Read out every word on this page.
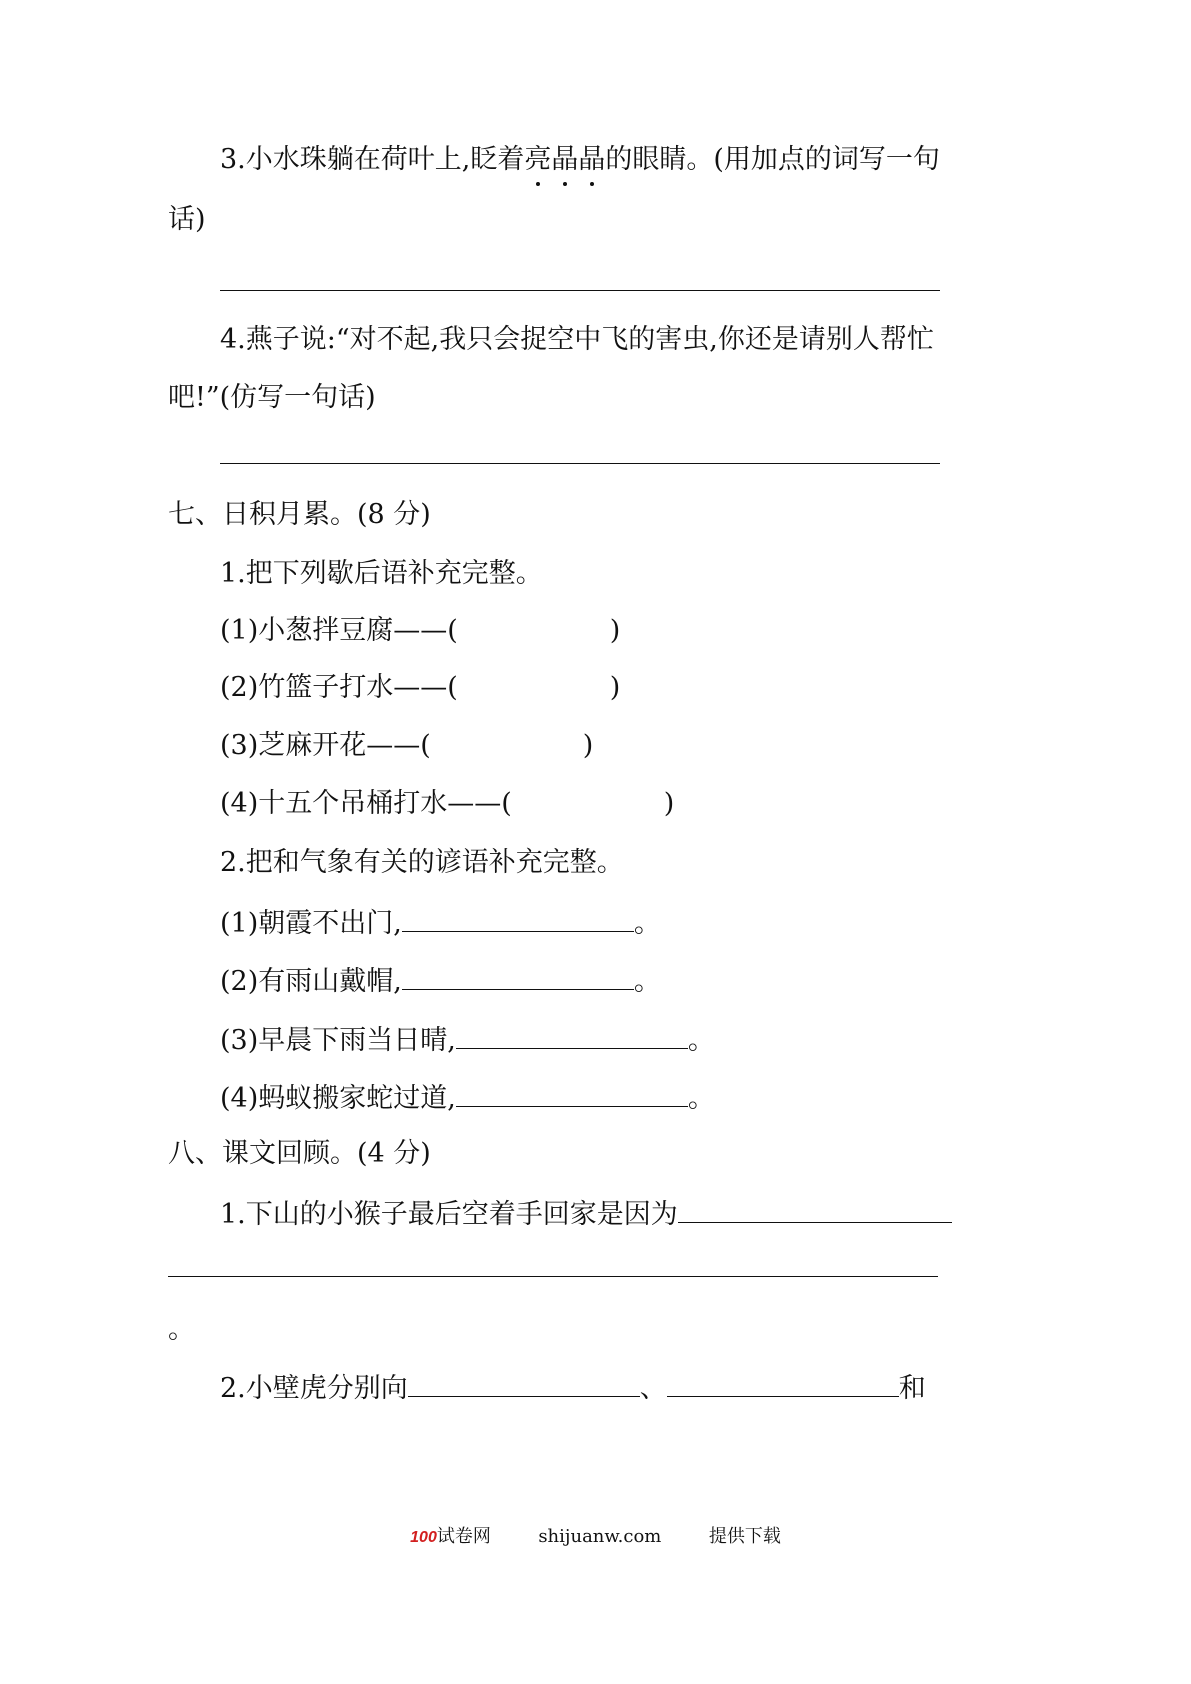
3.小水珠躺在荷叶上,眨着亮晶晶的眼睛。(用加点的词写一句
话)
4.燕子说:“对不起,我只会捉空中飞的害虫,你还是请别人帮忙
吧!”(仿写一句话)
七、日积月累。(8 分)
1.把下列歇后语补充完整。
(1)小葱拌豆腐——(	)
(2)竹篮子打水——(	)
(3)芝麻开花——(	)
(4)十五个吊桶打水——(	)
2.把和气象有关的谚语补充完整。
(1)朝霞不出门,	。
(2)有雨山戴帽,	。
(3)早晨下雨当日晴,	。
(4)蚂蚁搬家蛇过道,	。
八、课文回顾。(4 分)
1.下山的小猴子最后空着手回家是因为
。
2.小壁虎分别向	、	和
100试卷网	shijuanw.com	提供下载
